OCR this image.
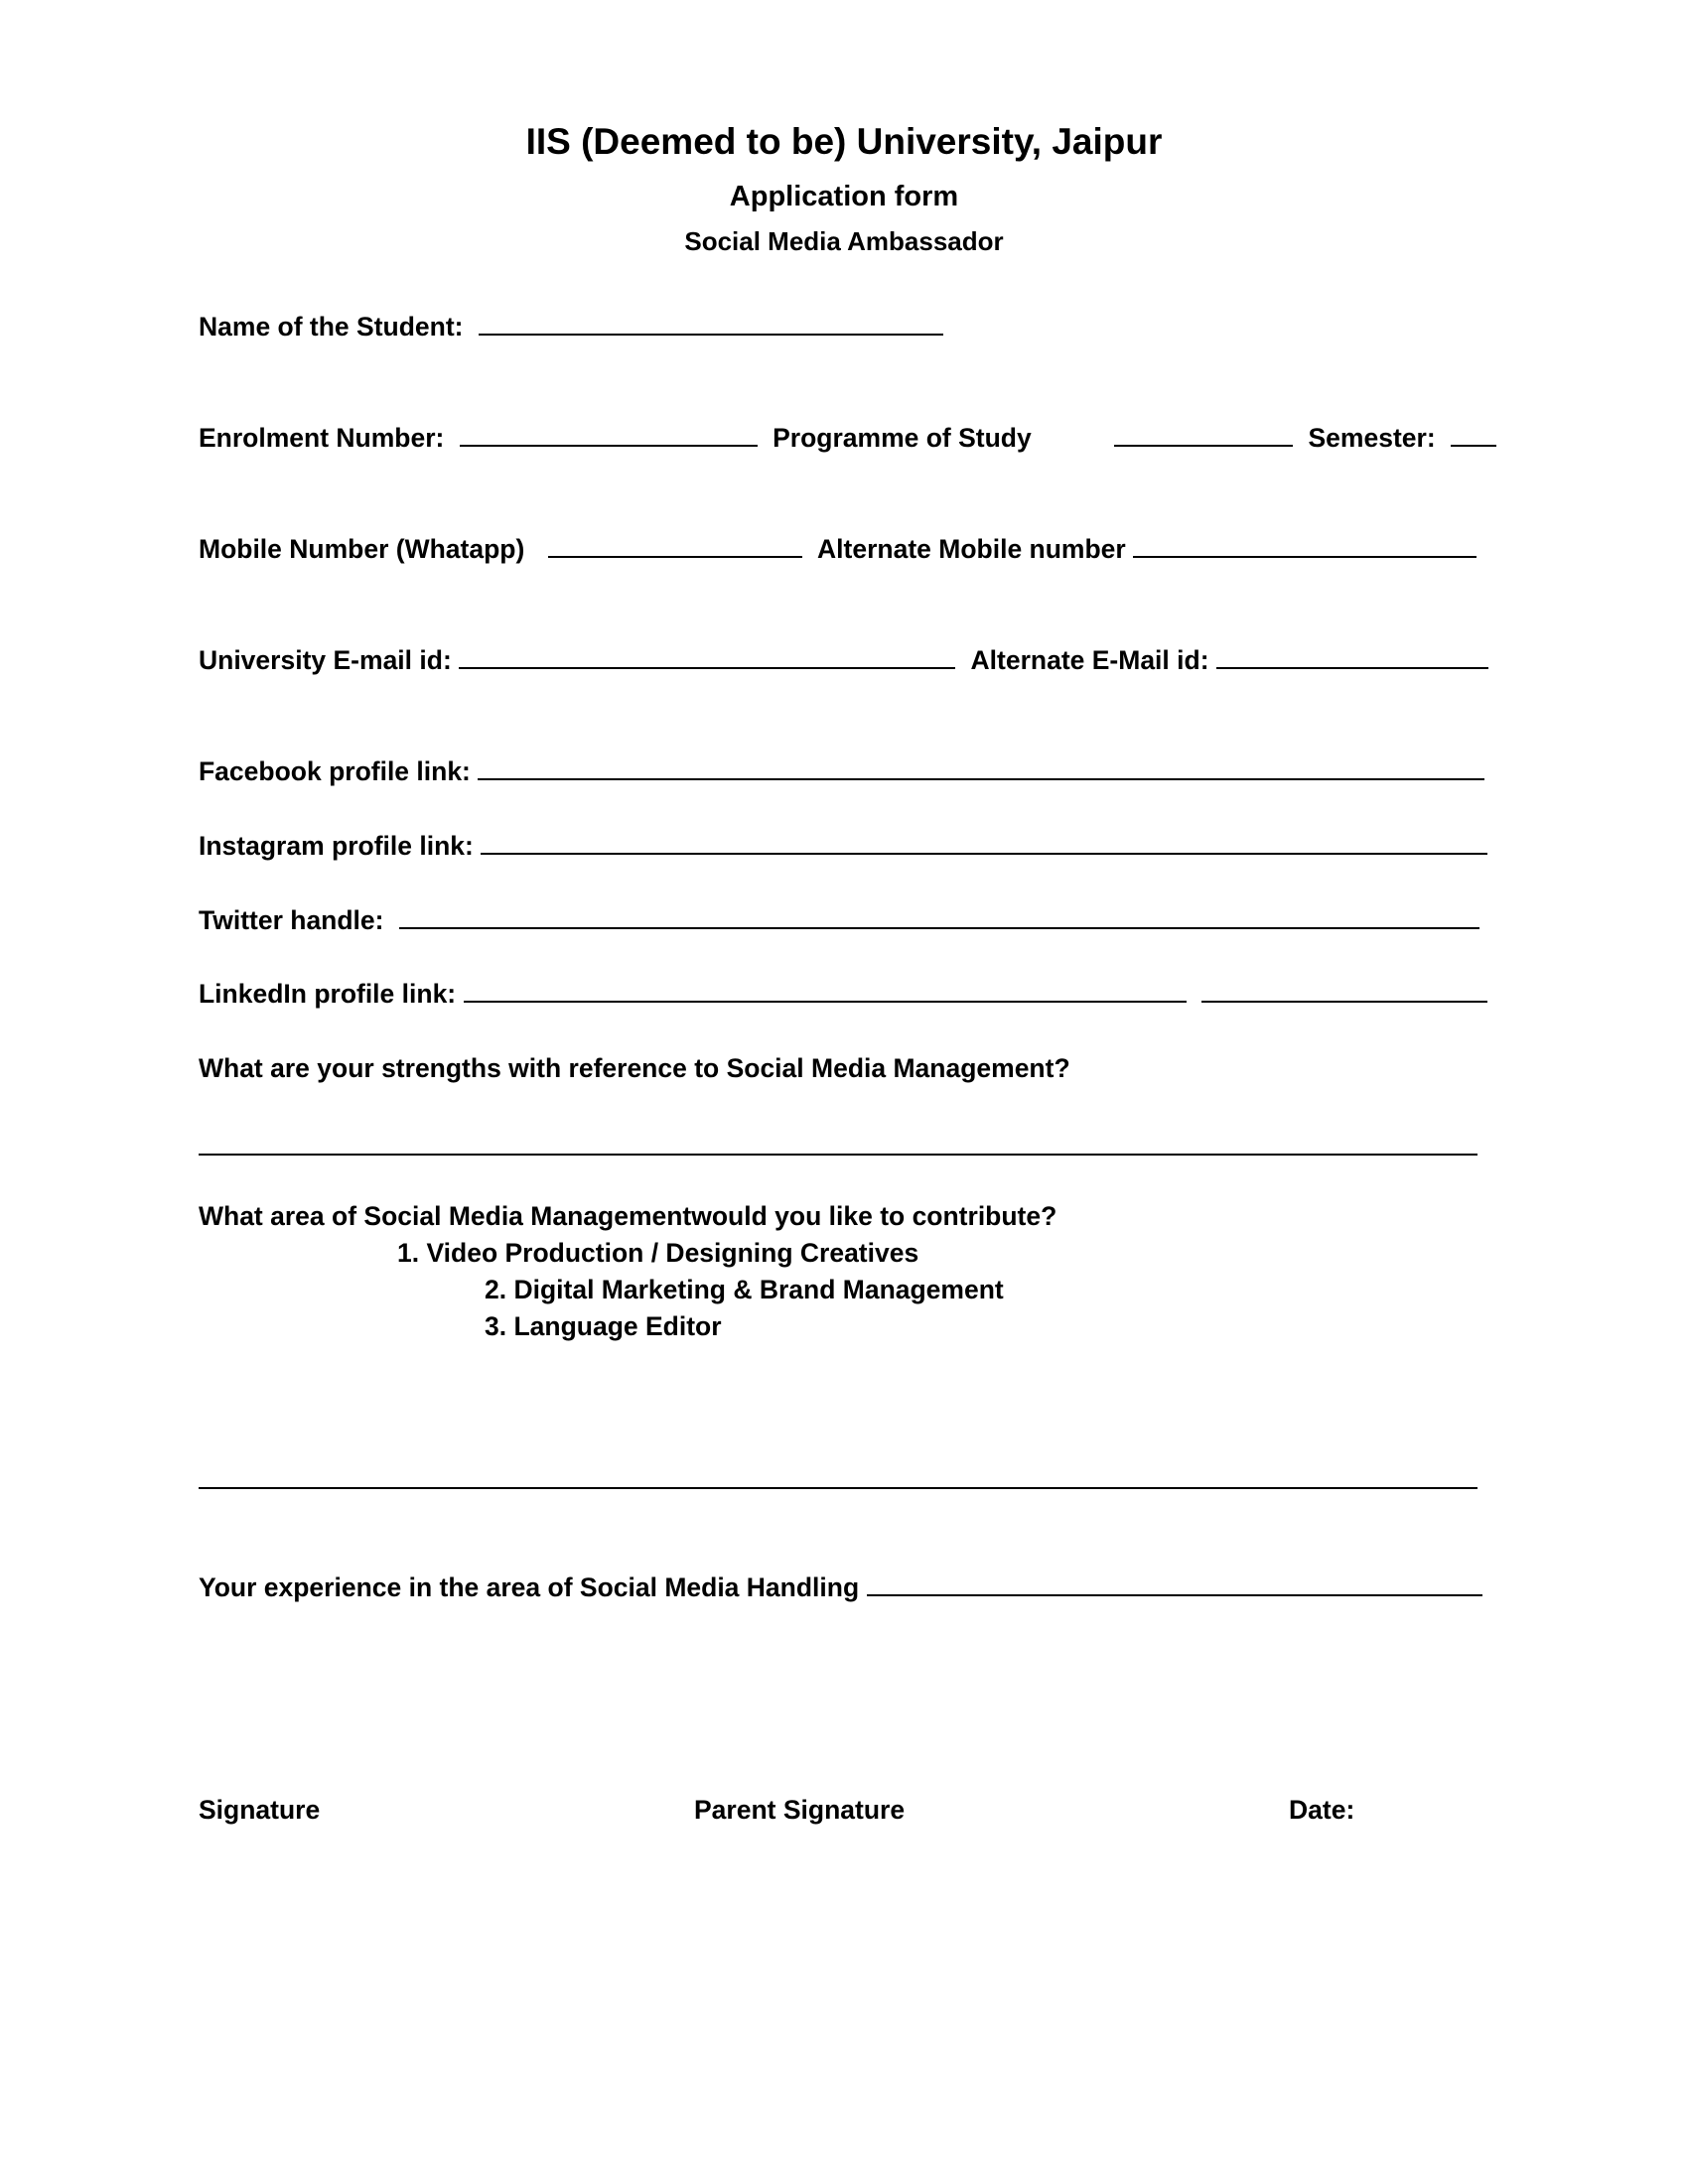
IIS (Deemed to be) University, Jaipur
Application form
Social Media Ambassador
Name of the Student:
Enrolment Number:	Programme of Study	Semester:
Mobile Number (Whatapp)	Alternate Mobile number
University E-mail id:	Alternate E-Mail id:
Facebook profile link:
Instagram profile link:
Twitter handle:
LinkedIn profile link:
What are your strengths with reference to Social Media Management?
What area of Social Media Managementwould you like to contribute?
1. Video Production / Designing Creatives
2. Digital Marketing & Brand Management
3. Language Editor
Your experience in the area of Social Media Handling
Signature	Parent Signature	Date:
